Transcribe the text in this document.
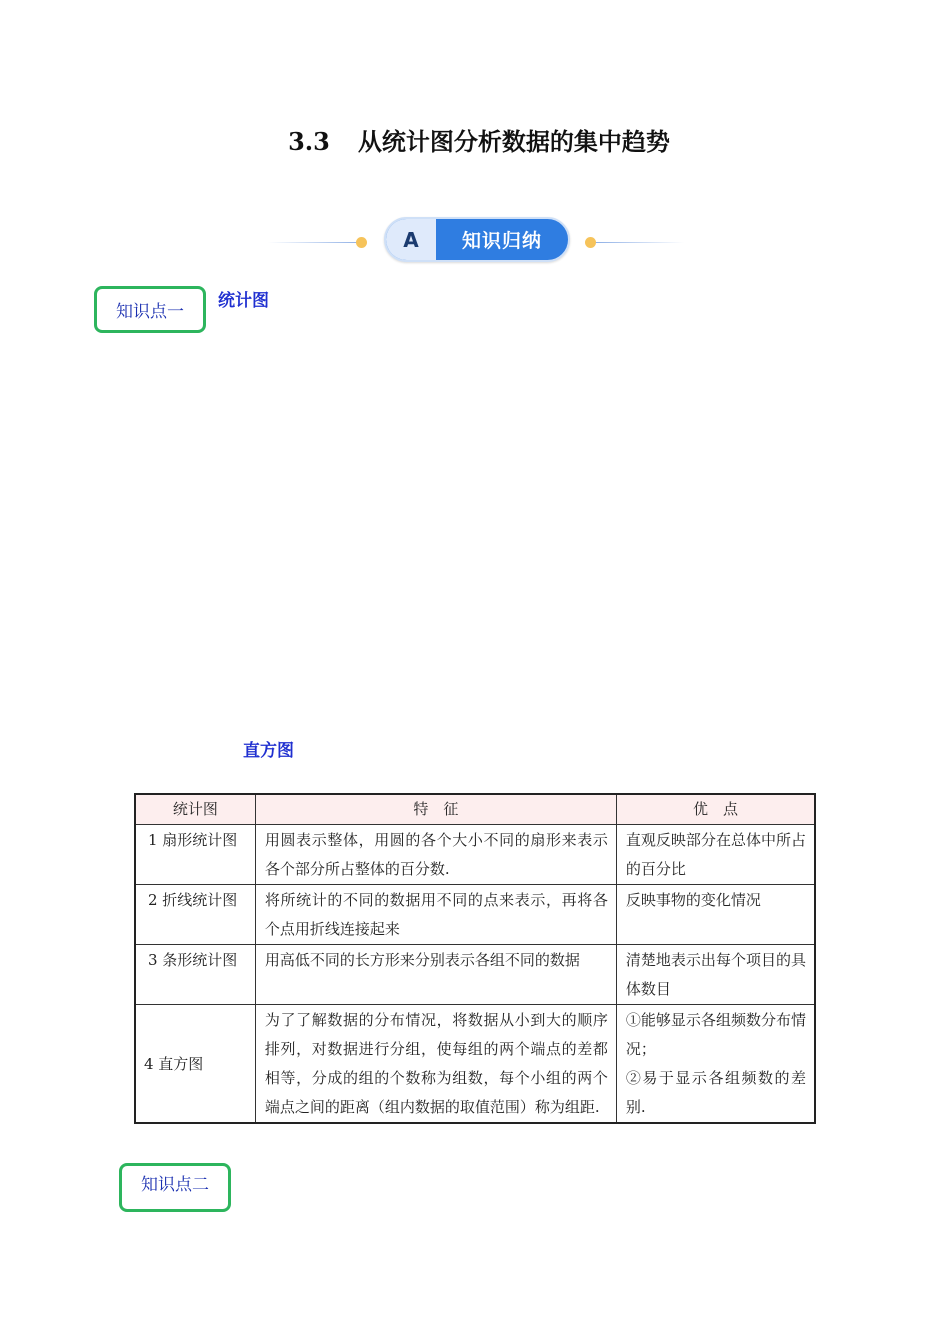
3.3 从统计图分析数据的集中趋势
A	知识归纳
知识点一
统计图
直方图
统计图	特　征	优　点
1 扇形统计图	用圆表示整体，用圆的各个大小不同的扇形来表示各个部分所占整体的百分数.	直观反映部分在总体中所占的百分比
2 折线统计图	将所统计的不同的数据用不同的点来表示，再将各个点用折线连接起来	反映事物的变化情况
3 条形统计图	用高低不同的长方形来分别表示各组不同的数据	清楚地表示出每个项目的具体数目
4 直方图	为了了解数据的分布情况，将数据从小到大的顺序排列，对数据进行分组，使每组的两个端点的差都相等，分成的组的个数称为组数，每个小组的两个端点之间的距离（组内数据的取值范围）称为组距.	①能够显示各组频数分布情况；
②易于显示各组频数的差别.
知识点二
